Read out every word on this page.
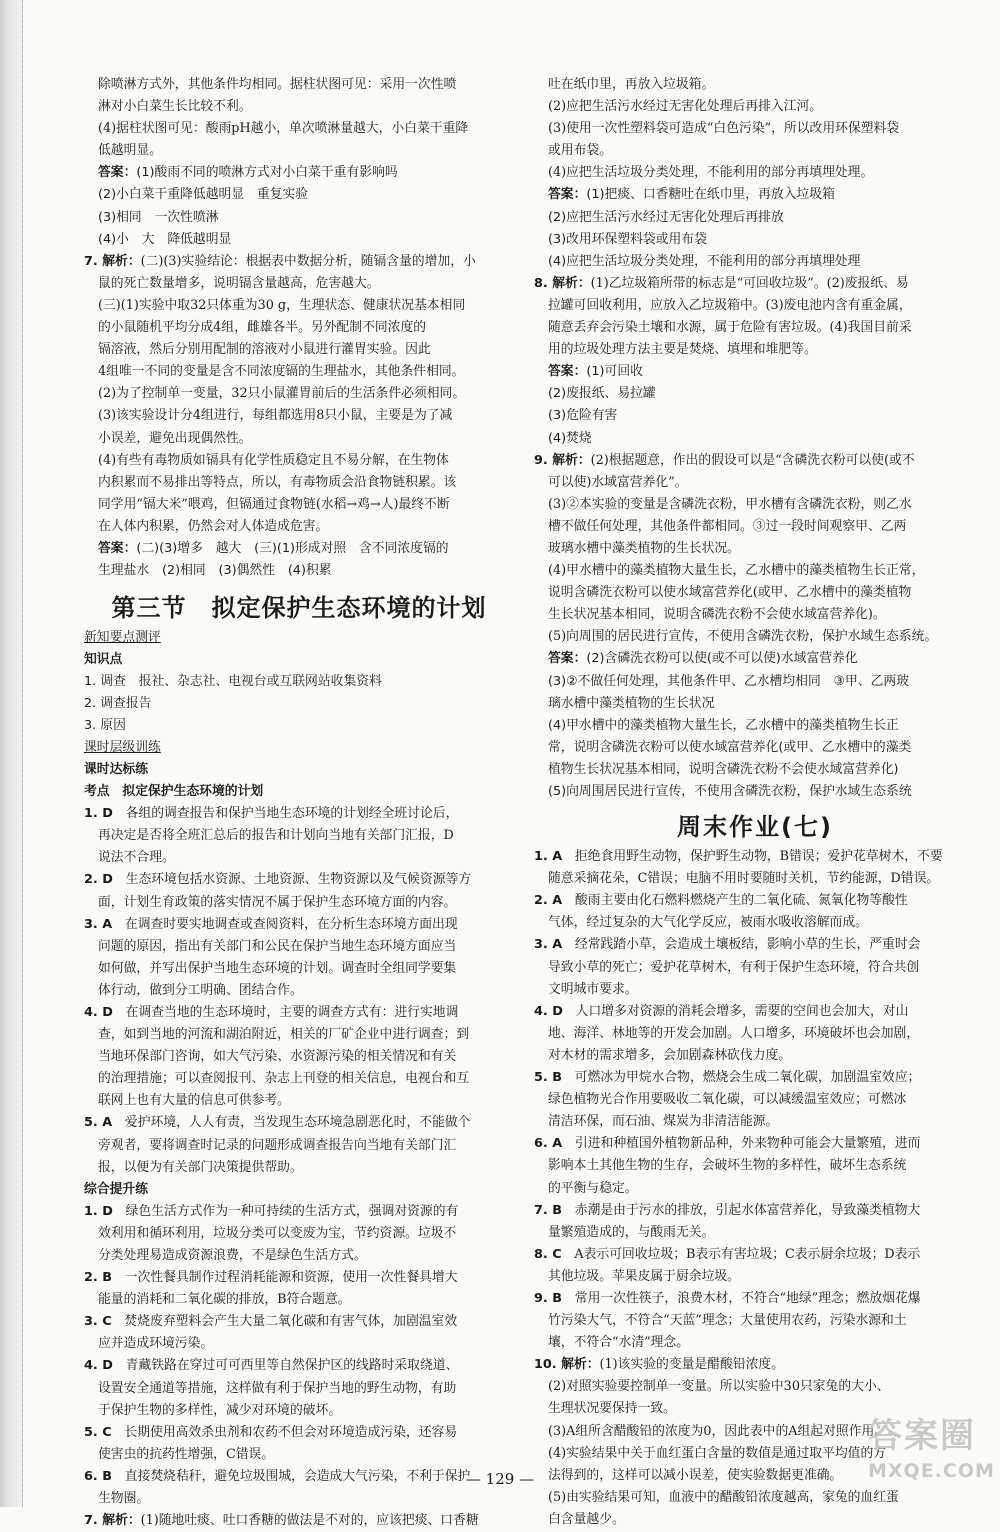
除喷淋方式外，其他条件均相同。据柱状图可见：采用一次性喷
淋对小白菜生长比较不利。
(4)据柱状图可见：酸雨pH越小，单次喷淋量越大，小白菜干重降
低越明显。
答案：(1)酸雨不同的喷淋方式对小白菜干重有影响吗
(2)小白菜干重降低越明显　重复实验
(3)相同　一次性喷淋
(4)小　大　降低越明显
7. 解析：(二)(3)实验结论：根据表中数据分析，随镉含量的增加，小
鼠的死亡数量增多，说明镉含量越高，危害越大。
(三)(1)实验中取32只体重为30 g，生理状态、健康状况基本相同
的小鼠随机平均分成4组，雌雄各半。另外配制不同浓度的
镉溶液，然后分别用配制的溶液对小鼠进行灌胃实验。因此
4组唯一不同的变量是含不同浓度镉的生理盐水，其他条件相同。
(2)为了控制单一变量，32只小鼠灌胃前后的生活条件必须相同。
(3)该实验设计分4组进行，每组都选用8只小鼠，主要是为了减
小误差，避免出现偶然性。
(4)有些有毒物质如镉具有化学性质稳定且不易分解，在生物体
内积累而不易排出等特点，所以，有毒物质会沿食物链积累。该
同学用“镉大米”喂鸡，但镉通过食物链(水稻→鸡→人)最终不断
在人体内积累，仍然会对人体造成危害。
答案：(二)(3)增多　越大　(三)(1)形成对照　含不同浓度镉的
生理盐水　(2)相同　(3)偶然性　(4)积累
第三节　拟定保护生态环境的计划
新知要点测评
知识点
1. 调查　报社、杂志社、电视台或互联网站收集资料
2. 调查报告
3. 原因
课时层级训练
课时达标练
考点　拟定保护生态环境的计划
1. D　各组的调查报告和保护当地生态环境的计划经全班讨论后，
再决定是否将全班汇总后的报告和计划向当地有关部门汇报，D
说法不合理。
2. D　生态环境包括水资源、土地资源、生物资源以及气候资源等方
面，计划生育政策的落实情况不属于保护生态环境方面的内容。
3. A　在调查时要实地调查或查阅资料，在分析生态环境方面出现
问题的原因，指出有关部门和公民在保护当地生态环境方面应当
如何做，并写出保护当地生态环境的计划。调查时全组同学要集
体行动，做到分工明确、团结合作。
4. D　在调查当地的生态环境时，主要的调查方式有：进行实地调
查，如到当地的河流和湖泊附近，相关的厂矿企业中进行调查；到
当地环保部门咨询，如大气污染、水资源污染的相关情况和有关
的治理措施；可以查阅报刊、杂志上刊登的相关信息，电视台和互
联网上也有大量的信息可供参考。
5. A　爱护环境，人人有责，当发现生态环境急剧恶化时，不能做个
旁观者，要将调查时记录的问题形成调查报告向当地有关部门汇
报，以便为有关部门决策提供帮助。
综合提升练
1. D　绿色生活方式作为一种可持续的生活方式，强调对资源的有
效利用和循环利用，垃圾分类可以变废为宝，节约资源。垃圾不
分类处理易造成资源浪费，不是绿色生活方式。
2. B　一次性餐具制作过程消耗能源和资源，使用一次性餐具增大
能量的消耗和二氧化碳的排放，B符合题意。
3. C　焚烧废弃塑料会产生大量二氧化碳和有害气体，加剧温室效
应并造成环境污染。
4. D　青藏铁路在穿过可可西里等自然保护区的线路时采取绕道、
设置安全通道等措施，这样做有利于保护当地的野生动物，有助
于保护生物的多样性，减少对环境的破坏。
5. C　长期使用高效杀虫剂和农药不但会对环境造成污染，还容易
使害虫的抗药性增强，C错误。
6. B　直接焚烧秸秆，避免垃圾围城，会造成大气污染，不利于保护
生物圈。
7. 解析：(1)随地吐痰、吐口香糖的做法是不对的，应该把痰、口香糖
吐在纸巾里，再放入垃圾箱。
(2)应把生活污水经过无害化处理后再排入江河。
(3)使用一次性塑料袋可造成“白色污染”，所以改用环保塑料袋
或用布袋。
(4)应把生活垃圾分类处理，不能利用的部分再填埋处理。
答案：(1)把痰、口香糖吐在纸巾里，再放入垃圾箱
(2)应把生活污水经过无害化处理后再排放
(3)改用环保塑料袋或用布袋
(4)应把生活垃圾分类处理，不能利用的部分再填埋处理
8. 解析：(1)乙垃圾箱所带的标志是“可回收垃圾”。(2)废报纸、易
拉罐可回收利用，应放入乙垃圾箱中。(3)废电池内含有重金属，
随意丢弃会污染土壤和水源，属于危险有害垃圾。(4)我国目前采
用的垃圾处理方法主要是焚烧、填埋和堆肥等。
答案：(1)可回收
(2)废报纸、易拉罐
(3)危险有害
(4)焚烧
9. 解析：(2)根据题意，作出的假设可以是“含磷洗衣粉可以使(或不
可以使)水域富营养化”。
(3)②本实验的变量是含磷洗衣粉，甲水槽有含磷洗衣粉，则乙水
槽不做任何处理，其他条件都相同。③过一段时间观察甲、乙两
玻璃水槽中藻类植物的生长状况。
(4)甲水槽中的藻类植物大量生长，乙水槽中的藻类植物生长正常，
说明含磷洗衣粉可以使水域富营养化(或甲、乙水槽中的藻类植物
生长状况基本相同，说明含磷洗衣粉不会使水域富营养化)。
(5)向周围的居民进行宣传，不使用含磷洗衣粉，保护水域生态系统。
答案：(2)含磷洗衣粉可以使(或不可以使)水域富营养化
(3)②不做任何处理，其他条件甲、乙水槽均相同　③甲、乙两玻
璃水槽中藻类植物的生长状况
(4)甲水槽中的藻类植物大量生长，乙水槽中的藻类植物生长正
常，说明含磷洗衣粉可以使水域富营养化(或甲、乙水槽中的藻类
植物生长状况基本相同，说明含磷洗衣粉不会使水域富营养化)
(5)向周围居民进行宣传，不使用含磷洗衣粉，保护水域生态系统
周末作业(七)
1. A　拒绝食用野生动物，保护野生动物，B错误；爱护花草树木，不要
随意采摘花朵，C错误；电脑不用时要随时关机，节约能源，D错误。
2. A　酸雨主要由化石燃料燃烧产生的二氧化硫、氮氧化物等酸性
气体，经过复杂的大气化学反应，被雨水吸收溶解而成。
3. A　经常践踏小草，会造成土壤板结，影响小草的生长，严重时会
导致小草的死亡；爱护花草树木，有利于保护生态环境，符合共创
文明城市要求。
4. D　人口增多对资源的消耗会增多，需要的空间也会加大，对山
地、海洋、林地等的开发会加剧。人口增多，环境破坏也会加剧，
对木材的需求增多，会加剧森林砍伐力度。
5. B　可燃冰为甲烷水合物，燃烧会生成二氧化碳，加剧温室效应；
绿色植物光合作用要吸收二氧化碳，可以减缓温室效应；可燃冰
清洁环保，而石油、煤炭为非清洁能源。
6. A　引进和种植国外植物新品种，外来物种可能会大量繁殖，进而
影响本土其他生物的生存，会破坏生物的多样性，破坏生态系统
的平衡与稳定。
7. B　赤潮是由于污水的排放，引起水体富营养化，导致藻类植物大
量繁殖造成的，与酸雨无关。
8. C　A表示可回收垃圾；B表示有害垃圾；C表示厨余垃圾；D表示
其他垃圾。苹果皮属于厨余垃圾。
9. B　常用一次性筷子，浪费木材，不符合“地绿”理念；燃放烟花爆
竹污染大气，不符合“天蓝”理念；大量使用农药，污染水源和土
壤，不符合“水清”理念。
10. 解析：(1)该实验的变量是醋酸铅浓度。
(2)对照实验要控制单一变量。所以实验中30只家兔的大小、
生理状况要保持一致。
(3)A组所含醋酸铅的浓度为0，因此表中的A组起对照作用。
(4)实验结果中关于血红蛋白含量的数值是通过取平均值的方
法得到的，这样可以减小误差，使实验数据更准确。
(5)由实验结果可知，血液中的醋酸铅浓度越高，家兔的血红蛋
白含量越少。
— 129 —
答案圈
MXQE.COM
